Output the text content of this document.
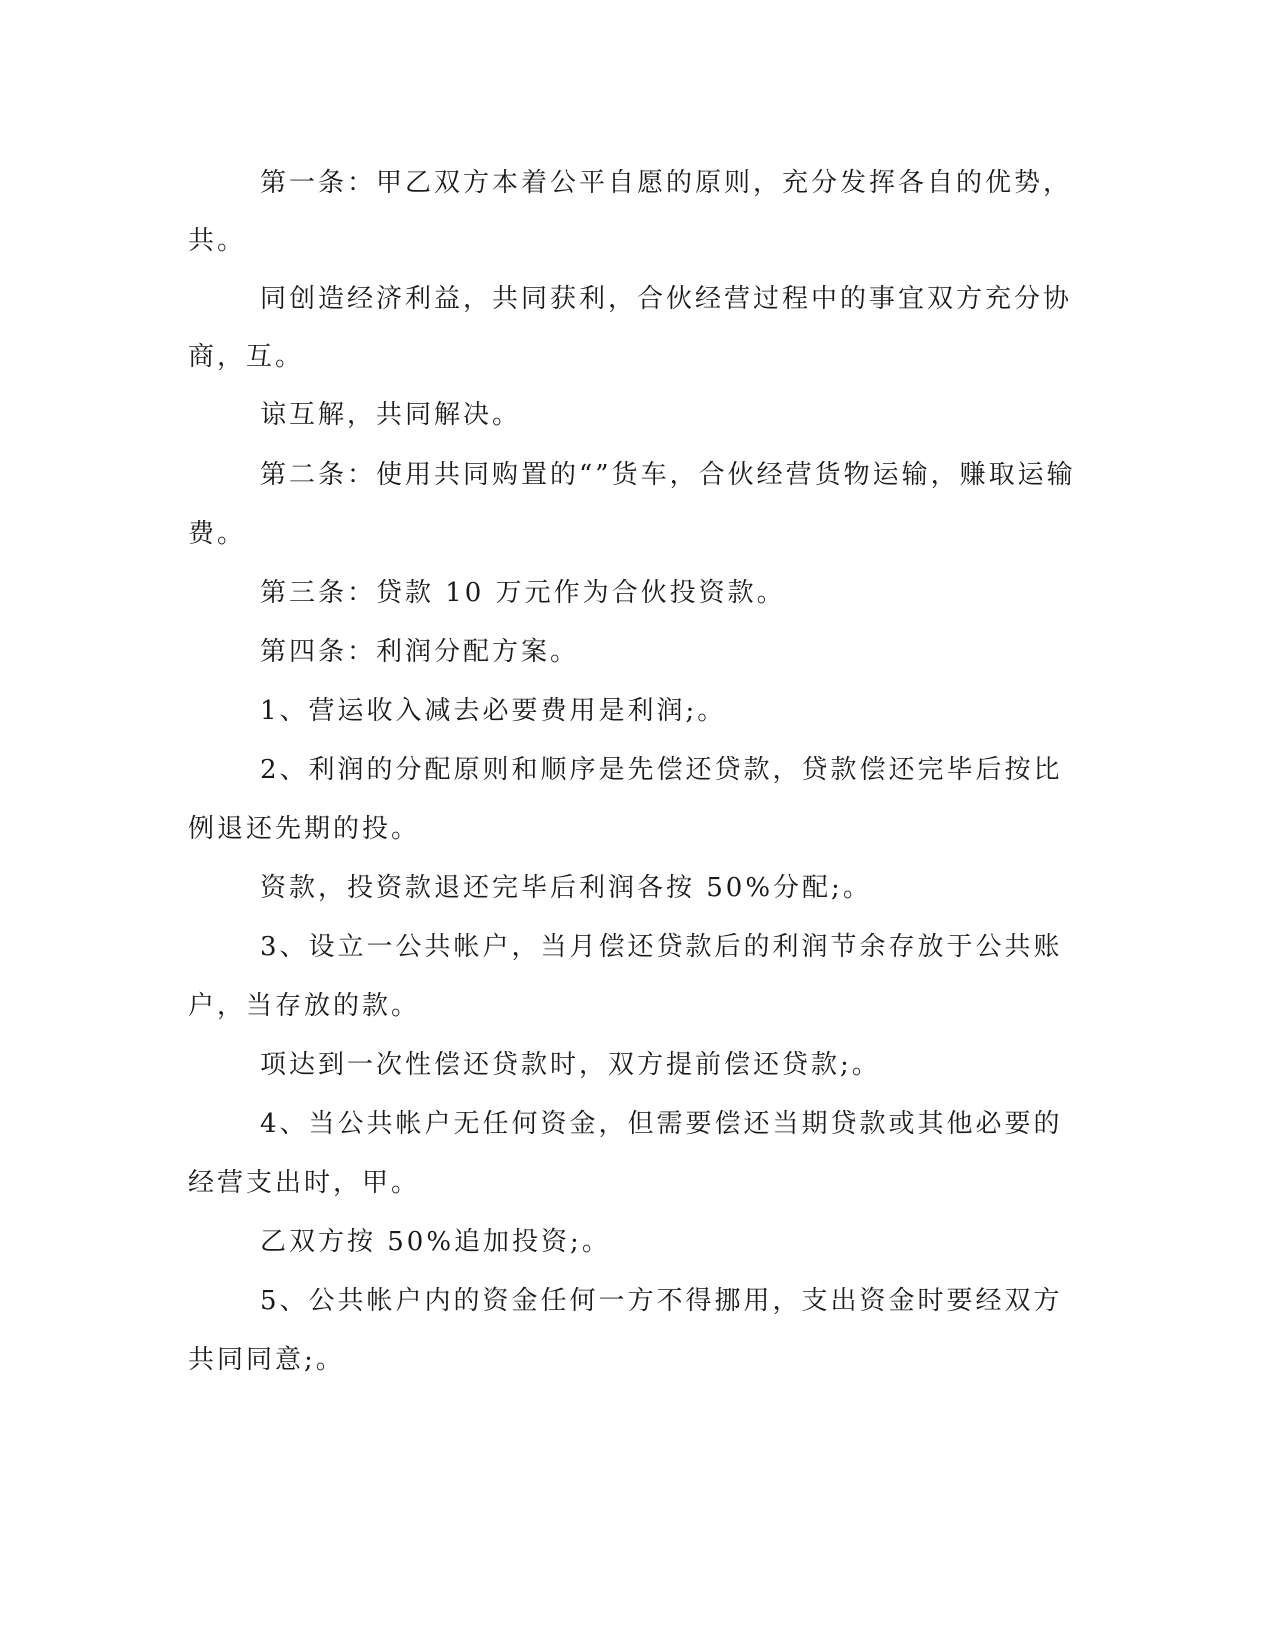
第一条：甲乙双方本着公平自愿的原则，充分发挥各自的优势，
共。
同创造经济利益，共同获利，合伙经营过程中的事宜双方充分协
商，互。
谅互解，共同解决。
第二条：使用共同购置的“”货车，合伙经营货物运输，赚取运输
费。
第三条：贷款 10 万元作为合伙投资款。
第四条：利润分配方案。
1、营运收入减去必要费用是利润;。
2、利润的分配原则和顺序是先偿还贷款，贷款偿还完毕后按比
例退还先期的投。
资款，投资款退还完毕后利润各按 50%分配;。
3、设立一公共帐户，当月偿还贷款后的利润节余存放于公共账
户，当存放的款。
项达到一次性偿还贷款时，双方提前偿还贷款;。
4、当公共帐户无任何资金，但需要偿还当期贷款或其他必要的
经营支出时，甲。
乙双方按 50%追加投资;。
5、公共帐户内的资金任何一方不得挪用，支出资金时要经双方
共同同意;。
